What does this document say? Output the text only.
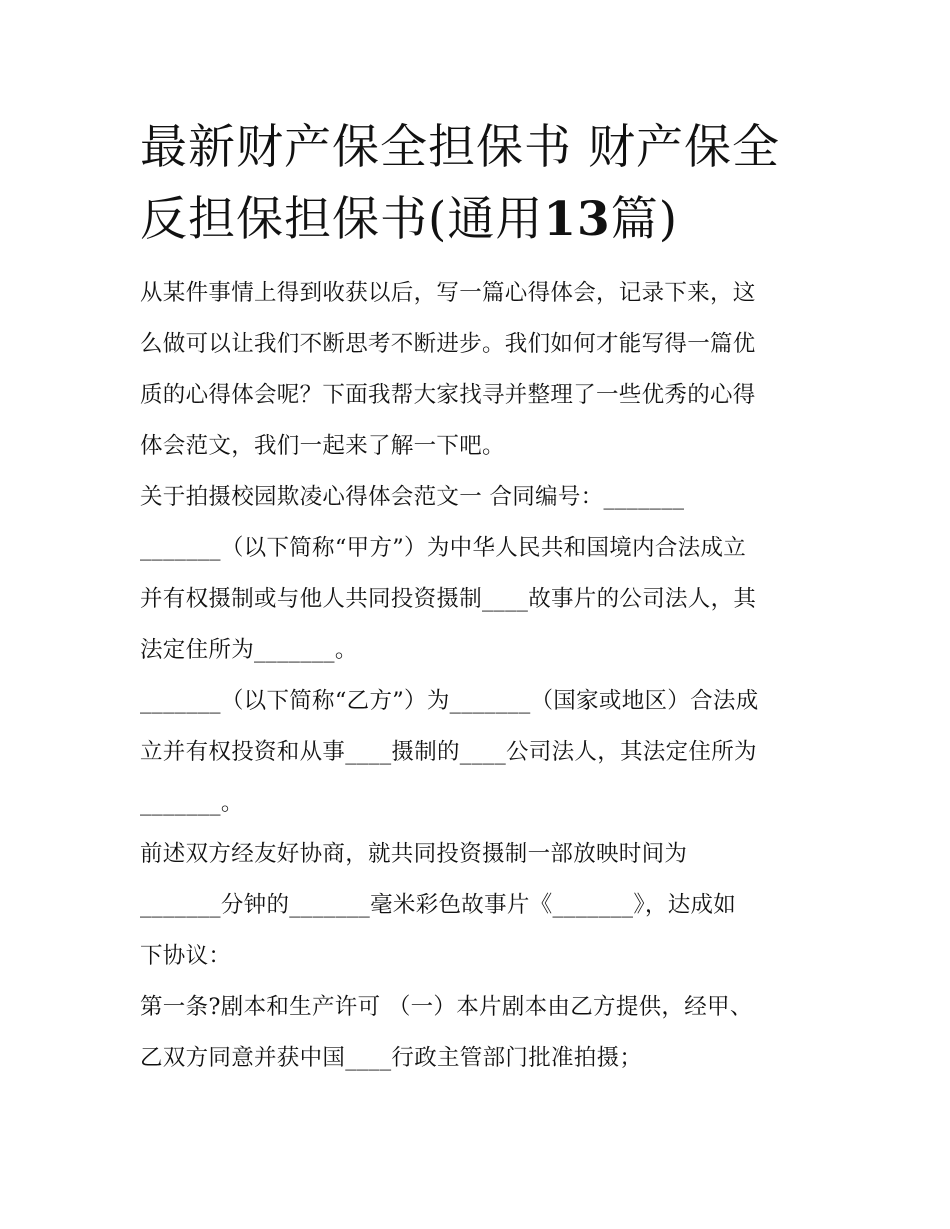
最新财产保全担保书 财产保全
反担保担保书(通用13篇)

从某件事情上得到收获以后，写一篇心得体会，记录下来，这
么做可以让我们不断思考不断进步。我们如何才能写得一篇优
质的心得体会呢？下面我帮大家找寻并整理了一些优秀的心得
体会范文，我们一起来了解一下吧。

关于拍摄校园欺凌心得体会范文一 合同编号：_______
_______（以下简称“甲方”）为中华人民共和国境内合法成立
并有权摄制或与他人共同投资摄制____故事片的公司法人，其
法定住所为_______。

_______（以下简称“乙方”）为_______（国家或地区）合法成
立并有权投资和从事____摄制的____公司法人，其法定住所为
_______。

前述双方经友好协商，就共同投资摄制一部放映时间为
_______分钟的_______毫米彩色故事片《_______》，达成如
下协议：

第一条?剧本和生产许可 （一）本片剧本由乙方提供，经甲、
乙双方同意并获中国____行政主管部门批准拍摄；
